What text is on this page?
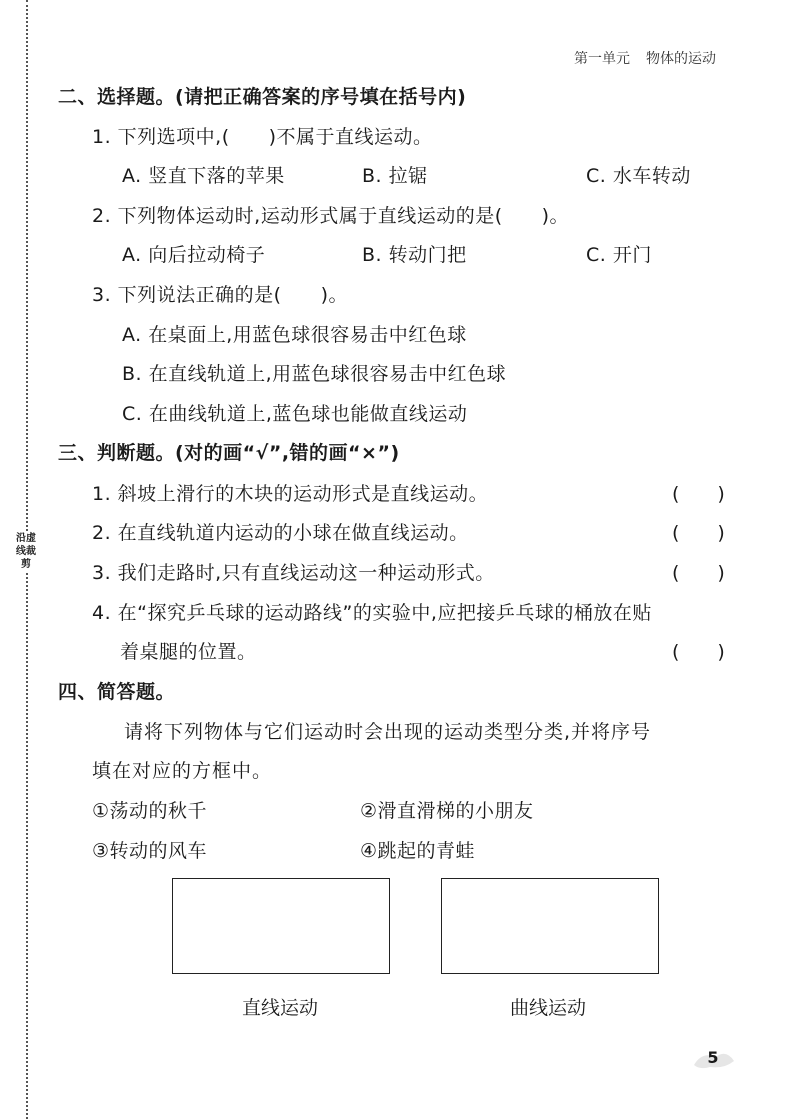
沿虚线裁剪
第一单元 物体的运动
二、选择题。(请把正确答案的序号填在括号内)
1. 下列选项中,(　　)不属于直线运动。
A. 竖直下落的苹果	B. 拉锯	C. 水车转动
2. 下列物体运动时,运动形式属于直线运动的是(　　)。
A. 向后拉动椅子	B. 转动门把	C. 开门
3. 下列说法正确的是(　　)。
A. 在桌面上,用蓝色球很容易击中红色球
B. 在直线轨道上,用蓝色球很容易击中红色球
C. 在曲线轨道上,蓝色球也能做直线运动
三、判断题。(对的画“√”,错的画“×”)
1. 斜坡上滑行的木块的运动形式是直线运动。	(　　)
2. 在直线轨道内运动的小球在做直线运动。	(　　)
3. 我们走路时,只有直线运动这一种运动形式。	(　　)
4. 在“探究乒乓球的运动路线”的实验中,应把接乒乓球的桶放在贴
着桌腿的位置。	(　　)
四、简答题。
请将下列物体与它们运动时会出现的运动类型分类,并将序号
填在对应的方框中。
①荡动的秋千	②滑直滑梯的小朋友
③转动的风车	④跳起的青蛙
直线运动	曲线运动
5
